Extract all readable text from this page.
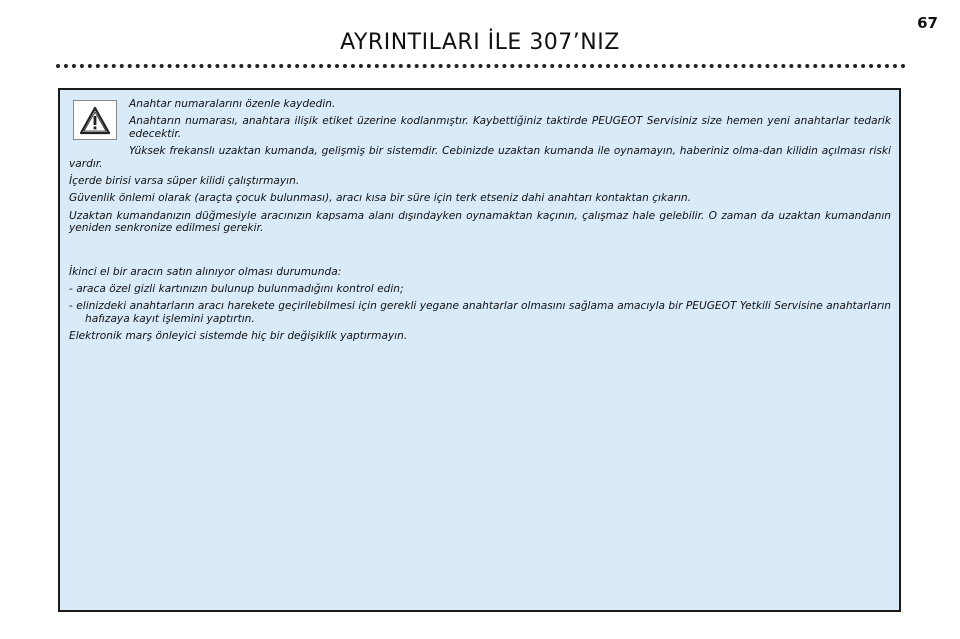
AYRINTILARI İLE 307’NIZ
67

Anahtar numaralarını özenle kaydedin.

Anahtarın numarası, anahtara ilişik etiket üzerine kodlanmıştır. Kaybettiğiniz taktirde PEUGEOT Servisiniz size hemen yeni anahtarlar tedarik edecektir.

Yüksek frekanslı uzaktan kumanda, gelişmiş bir sistemdir. Cebinizde uzaktan kumanda ile oynamayın, haberiniz olma-dan kilidin açılması riski vardır.

İçerde birisi varsa süper kilidi çalıştırmayın.

Güvenlik önlemi olarak (araçta çocuk bulunması), aracı kısa bir süre için terk etseniz dahi anahtarı kontaktan çıkarın.

Uzaktan kumandanızın düğmesiyle aracınızın kapsama alanı dışındayken oynamaktan kaçının, çalışmaz hale gelebilir. O zaman da uzaktan kumandanın yeniden senkronize edilmesi gerekir.

İkinci el bir aracın satın alınıyor olması durumunda:

- araca özel gizli kartınızın bulunup bulunmadığını kontrol edin;

- elinizdeki anahtarların aracı harekete geçirilebilmesi için gerekli yegane anahtarlar olmasını sağlama amacıyla bir PEUGEOT Yetkili Servisine anahtarların hafızaya kayıt işlemini yaptırtın.

Elektronik marş önleyici sistemde hiç bir değişiklik yaptırmayın.
